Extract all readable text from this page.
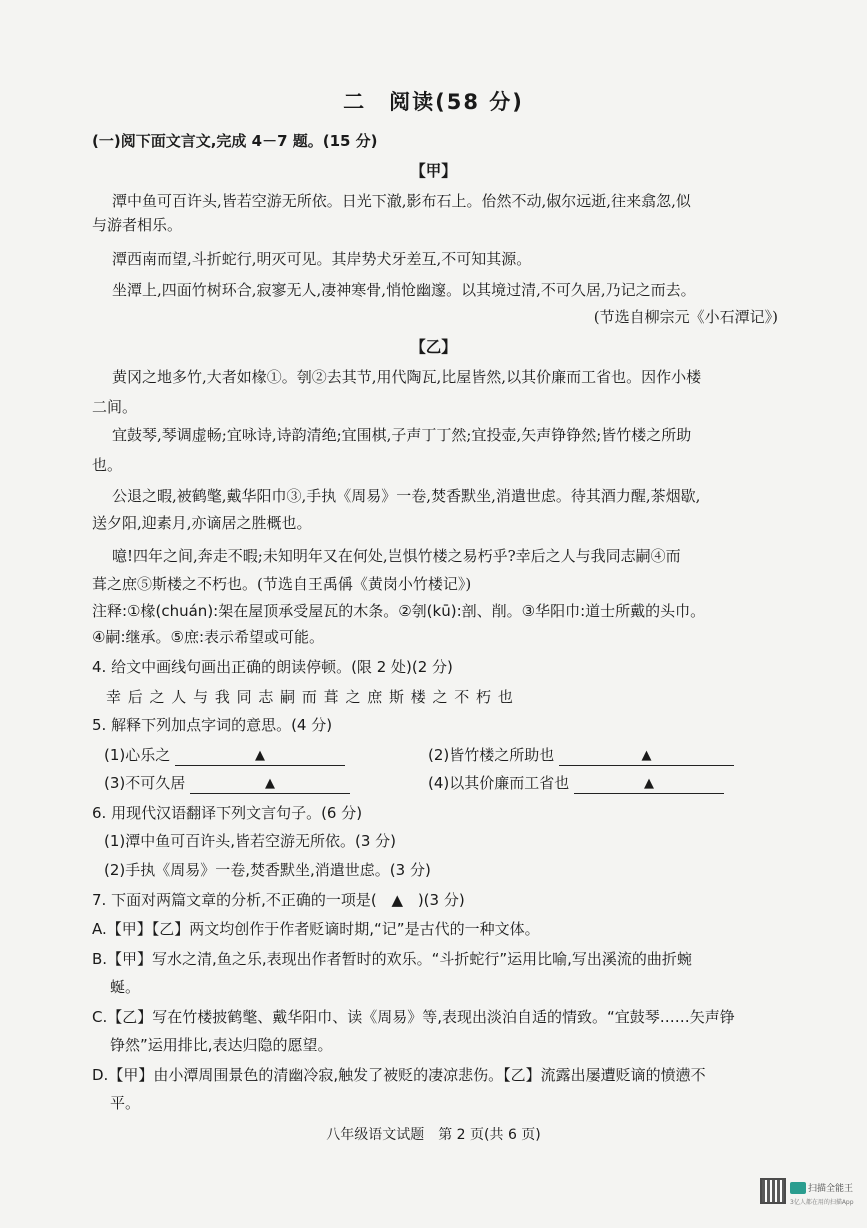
二　阅读(58 分)
(一)阅下面文言文,完成 4－7 题。(15 分)
【甲】
潭中鱼可百许头,皆若空游无所依。日光下澈,影布石上。佁然不动,俶尔远逝,往来翕忽,似
与游者相乐。
潭西南而望,斗折蛇行,明灭可见。其岸势犬牙差互,不可知其源。
坐潭上,四面竹树环合,寂寥无人,凄神寒骨,悄怆幽邃。以其境过清,不可久居,乃记之而去。
(节选自柳宗元《小石潭记》)
【乙】
黄冈之地多竹,大者如椽①。刳②去其节,用代陶瓦,比屋皆然,以其价廉而工省也。因作小楼
二间。
宜鼓琴,琴调虚畅;宜咏诗,诗韵清绝;宜围棋,子声丁丁然;宜投壶,矢声铮铮然;皆竹楼之所助
也。
公退之暇,被鹤氅,戴华阳巾③,手执《周易》一卷,焚香默坐,消遣世虑。待其酒力醒,茶烟歇,
送夕阳,迎素月,亦谪居之胜概也。
噫!四年之间,奔走不暇;未知明年又在何处,岂惧竹楼之易朽乎?幸后之人与我同志嗣④而
葺之庶⑤斯楼之不朽也。(节选自王禹偁《黄岗小竹楼记》)
注释:①椽(chuán):架在屋顶承受屋瓦的木条。②刳(kū):剖、削。③华阳巾:道士所戴的头巾。
④嗣:继承。⑤庶:表示希望或可能。
4. 给文中画线句画出正确的朗读停顿。(限 2 处)(2 分)
幸 后 之 人 与 我 同 志 嗣 而 葺 之 庶 斯 楼 之 不 朽 也
5. 解释下列加点字词的意思。(4 分)
(1)心乐之	▲	(2)皆竹楼之所助也	▲
(3)不可久居	▲	(4)以其价廉而工省也	▲
6. 用现代汉语翻译下列文言句子。(6 分)
(1)潭中鱼可百许头,皆若空游无所依。(3 分)
(2)手执《周易》一卷,焚香默坐,消遣世虑。(3 分)
7. 下面对两篇文章的分析,不正确的一项是( ▲ )(3 分)
A.【甲】【乙】两文均创作于作者贬谪时期,“记”是古代的一种文体。
B.【甲】写水之清,鱼之乐,表现出作者暂时的欢乐。“斗折蛇行”运用比喻,写出溪流的曲折蜿
蜒。
C.【乙】写在竹楼披鹤氅、戴华阳巾、读《周易》等,表现出淡泊自适的情致。“宜鼓琴……矢声铮
铮然”运用排比,表达归隐的愿望。
D.【甲】由小潭周围景色的清幽冷寂,触发了被贬的凄凉悲伤。【乙】流露出屡遭贬谪的愤懑不
平。
八年级语文试题　第 2 页(共 6 页)
扫描全能王
3亿人都在用的扫描App
